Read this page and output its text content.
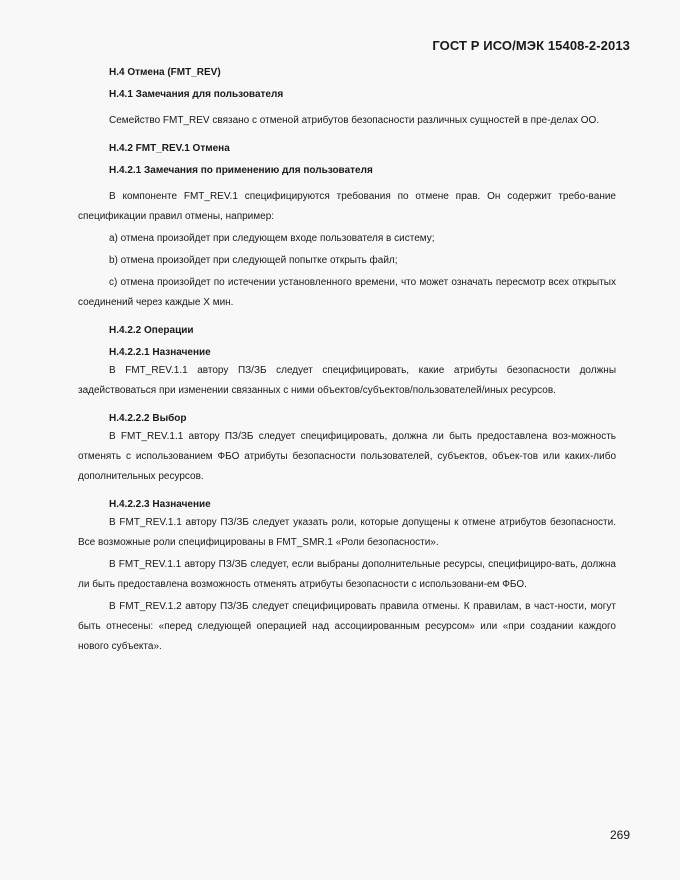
ГОСТ Р ИСО/МЭК 15408-2-2013
H.4 Отмена (FMT_REV)
H.4.1 Замечания для пользователя
Семейство FMT_REV связано с отменой атрибутов безопасности различных сущностей в пре-делах ОО.
H.4.2 FMT_REV.1 Отмена
H.4.2.1 Замечания по применению для пользователя
В компоненте FMT_REV.1 специфицируются требования по отмене прав. Он содержит требо-вание спецификации правил отмены, например:
a) отмена произойдет при следующем входе пользователя в систему;
b) отмена произойдет при следующей попытке открыть файл;
c) отмена произойдет по истечении установленного времени, что может означать пересмотр всех открытых соединений через каждые X мин.
H.4.2.2 Операции
H.4.2.2.1 Назначение
В FMT_REV.1.1 автору ПЗ/ЗБ следует специфицировать, какие атрибуты безопасности должны задействоваться при изменении связанных с ними объектов/субъектов/пользователей/иных ресурсов.
H.4.2.2.2 Выбор
В FMT_REV.1.1 автору ПЗ/ЗБ следует специфицировать, должна ли быть предоставлена воз-можность отменять с использованием ФБО атрибуты безопасности пользователей, субъектов, объек-тов или каких-либо дополнительных ресурсов.
H.4.2.2.3 Назначение
В FMT_REV.1.1 автору ПЗ/ЗБ следует указать роли, которые допущены к отмене атрибутов безопасности. Все возможные роли специфицированы в FMT_SMR.1 «Роли безопасности».
В FMT_REV.1.1 автору ПЗ/ЗБ следует, если выбраны дополнительные ресурсы, специфициро-вать, должна ли быть предоставлена возможность отменять атрибуты безопасности с использовани-ем ФБО.
В FMT_REV.1.2 автору ПЗ/ЗБ следует специфицировать правила отмены. К правилам, в част-ности, могут быть отнесены: «перед следующей операцией над ассоциированным ресурсом» или «при создании каждого нового субъекта».
269
